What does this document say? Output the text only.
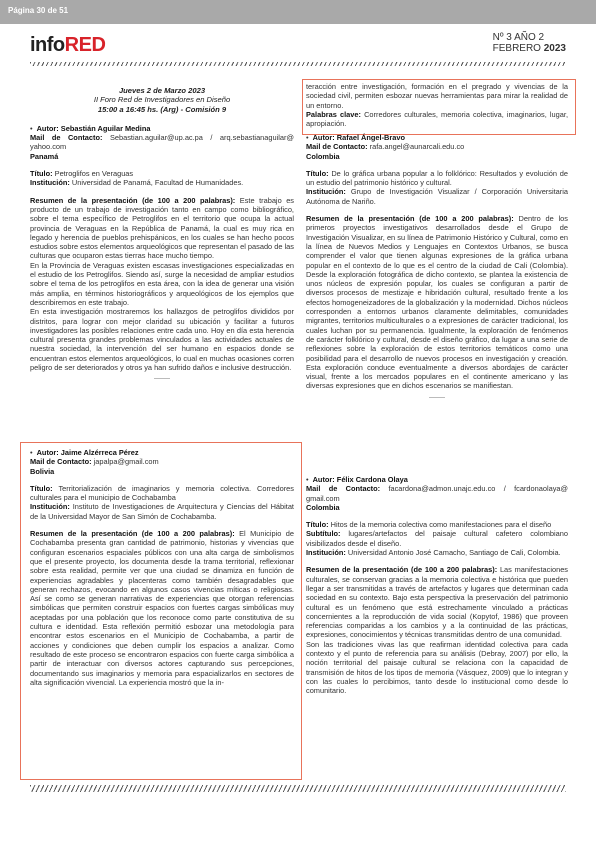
Página 30 de 51
infoRED	Nº 3 AÑO 2
FEBRERO 2023
Jueves 2 de Marzo 2023
II Foro Red de Investigadores en Diseño
15:00 a 16:45 hs. (Arg) - Comisión 9

• Autor: Sebastián Aguilar Medina

Mail de Contacto: Sebastian.aguilar@up.ac.pa / arq.sebastianaguilar@ yahoo.com

Panamá

Título: Petroglifos en Veraguas

Institución: Universidad de Panamá, Facultad de Humanidades.

Resumen de la presentación (de 100 a 200 palabras): Este trabajo es producto de un trabajo de investigación tanto en campo como bibliográfico, sobre el tema específico de Petroglifos en el territorio que ocupa la actual provincia de Veraguas en la República de Panamá, la cual es muy rica en legado y herencia de pueblos prehispánicos, en los cuales se han hecho pocos estudios sobre estos elementos arqueológicos que representan el pasado de las culturas que ocuparon estas tierras hace mucho tiempo.

En la Provincia de Veraguas existen escasas investigaciones especializadas en el estudio de los Petroglifos. Siendo así, surge la necesidad de ampliar estudios sobre el tema de los petroglifos en esta área, con la idea de generar una visión más amplia, en términos historiográficos y arqueológicos de los ejemplos que describiremos en este trabajo.

En esta investigación mostraremos los hallazgos de petroglifos divididos por distritos, para lograr con mejor claridad su ubicación y facilitar a futuros investigadores las posibles relaciones entre cada uno. Hoy en día esta herencia cultural presenta grandes problemas vinculados a las actividades actuales de nuestra sociedad, la intervención del ser humano en espacios donde se encuentran estos elementos arqueológicos, lo cual en muchas ocasiones corren peligro de ser deteriorados y otros ya han sufrido daños e inclusive destrucción.

• Autor: Jaime Alzérreca Pérez

Mail de Contacto: japalpa@gmail.com

Bolivia

Título: Territorialización de imaginarios y memoria colectiva. Corredores culturales para el municipio de Cochabamba

Institución: Instituto de Investigaciones de Arquitectura y Ciencias del Hábitat de la Universidad Mayor de San Simón de Cochabamba.

Resumen de la presentación (de 100 a 200 palabras): El Municipio de Cochabamba presenta gran cantidad de patrimonio, historias y vivencias que configuran escenarios espaciales públicos con una alta carga de simbolismos que el presente proyecto, los documenta desde la trama territorial, reflexionar sobre esta realidad, permite ver que una ciudad se dinamiza en función de experiencias agradables y placenteras como también desagradables que generan rechazos, evocando en algunos casos vivencias míticas o religiosas. Así se como se generan narrativas de experiencias que otorgan referencias simbólicas que permiten construir espacios con fuertes cargas simbólicas muy aceptadas por una población que los reconoce como parte constitutiva de su cultura e identidad. Esta reflexión permitió esbozar una metodología para encontrar estos escenarios en el Municipio de Cochabamba, a partir de acciones y condiciones que deben cumplir los espacios a analizar. Como resultado de este proceso se encontraron espacios con fuerte carga simbólica a partir de interactuar con diversos actores capturando sus percepciones, documentando sus imaginarios y memoria para espacializarlos en sectores de alta significación vivencial. La experiencia mostró que la in-

teracción entre investigación, formación en el pregrado y vivencias de la sociedad civil, permiten esbozar nuevas herramientas para mirar la realidad de un entorno.

Palabras clave: Corredores culturales, memoria colectiva, imaginarios, lugar, apropiación.

• Autor: Rafael Ángel-Bravo

Mail de Contacto: rafa.angel@aunarcali.edu.co

Colombia

Título: De lo gráfica urbana popular a lo folklórico: Resultados y evolución de un estudio del patrimonio histórico y cultural.

Institución: Grupo de Investigación Visualizar / Corporación Universitaria Autónoma de Nariño.

Resumen de la presentación (de 100 a 200 palabras): Dentro de los primeros proyectos investigativos desarrollados desde el Grupo de Investigación Visualizar, en su línea de Patrimonio Histórico y Cultural, como en la línea de Nuevos Medios y Lenguajes en Contextos Urbanos, se busca comprender el valor que tienen algunas expresiones de la gráfica urbana popular en el contexto de lo que es el centro de la ciudad de Cali (Colombia). Desde la exploración fotográfica de dicho contexto, se plantea la existencia de unos núcleos de expresión popular, los cuales se configuran a partir de diversos procesos de mestizaje e hibridación cultural, resultado frente a los efectos homogeneizadores de la globalización y la modernidad. Dichos núcleos corresponden a entornos urbanos claramente delimitables, comunidades migrantes, territorios multiculturales o a expresiones de carácter tradicional, los cuales luchan por su permanencia. Igualmente, la exploración de fenómenos de carácter folklórico y cultural, desde el diseño gráfico, da lugar a una serie de reflexiones sobre la exploración de estos territorios temáticos como una posibilidad para el desarrollo de nuevos procesos en investigación y creación. Esta exploración conduce eventualmente a diversos abordajes de carácter visual, frente a los mercados populares en el continente americano y las diversas expresiones que en dichos escenarios se manifiestan.

• Autor: Félix Cardona Olaya

Mail de Contacto: facardona@admon.unajc.edu.co / fcardonaolaya@ gmail.com

Colombia

Título: Hitos de la memoria colectiva como manifestaciones para el diseño

Subtítulo: lugares/artefactos del paisaje cultural cafetero colombiano visibilizados desde el diseño.

Institución: Universidad Antonio José Camacho, Santiago de Cali, Colombia.

Resumen de la presentación (de 100 a 200 palabras): Las manifestaciones culturales, se conservan gracias a la memoria colectiva e histórica que pueden llegar a ser transmitidas a través de artefactos y lugares que determinan cada sociedad en su contexto. Bajo esta perspectiva la preservación del patrimonio cultural es un fenómeno que está estrechamente vinculado a prácticas concernientes a la reproducción de vida social (Kopytof, 1986) que proveen referencias comparidas a los cambios y a la continuidad de las prácticas, expresiones, conocimientos y técnicas transmitidas dentro de una comunidad.

Son las tradiciones vivas las que reafirman identidad colectiva para cada contexto y el punto de referencia para su análisis (Debray, 2007) por ello, la noción territorial del paisaje cultural se relaciona con la capacidad de transmisión de hitos de los tipos de memoria (Vásquez, 2009) que lo integran y con las cuales lo percibimos, tanto desde lo institucional como desde lo comunitario.
